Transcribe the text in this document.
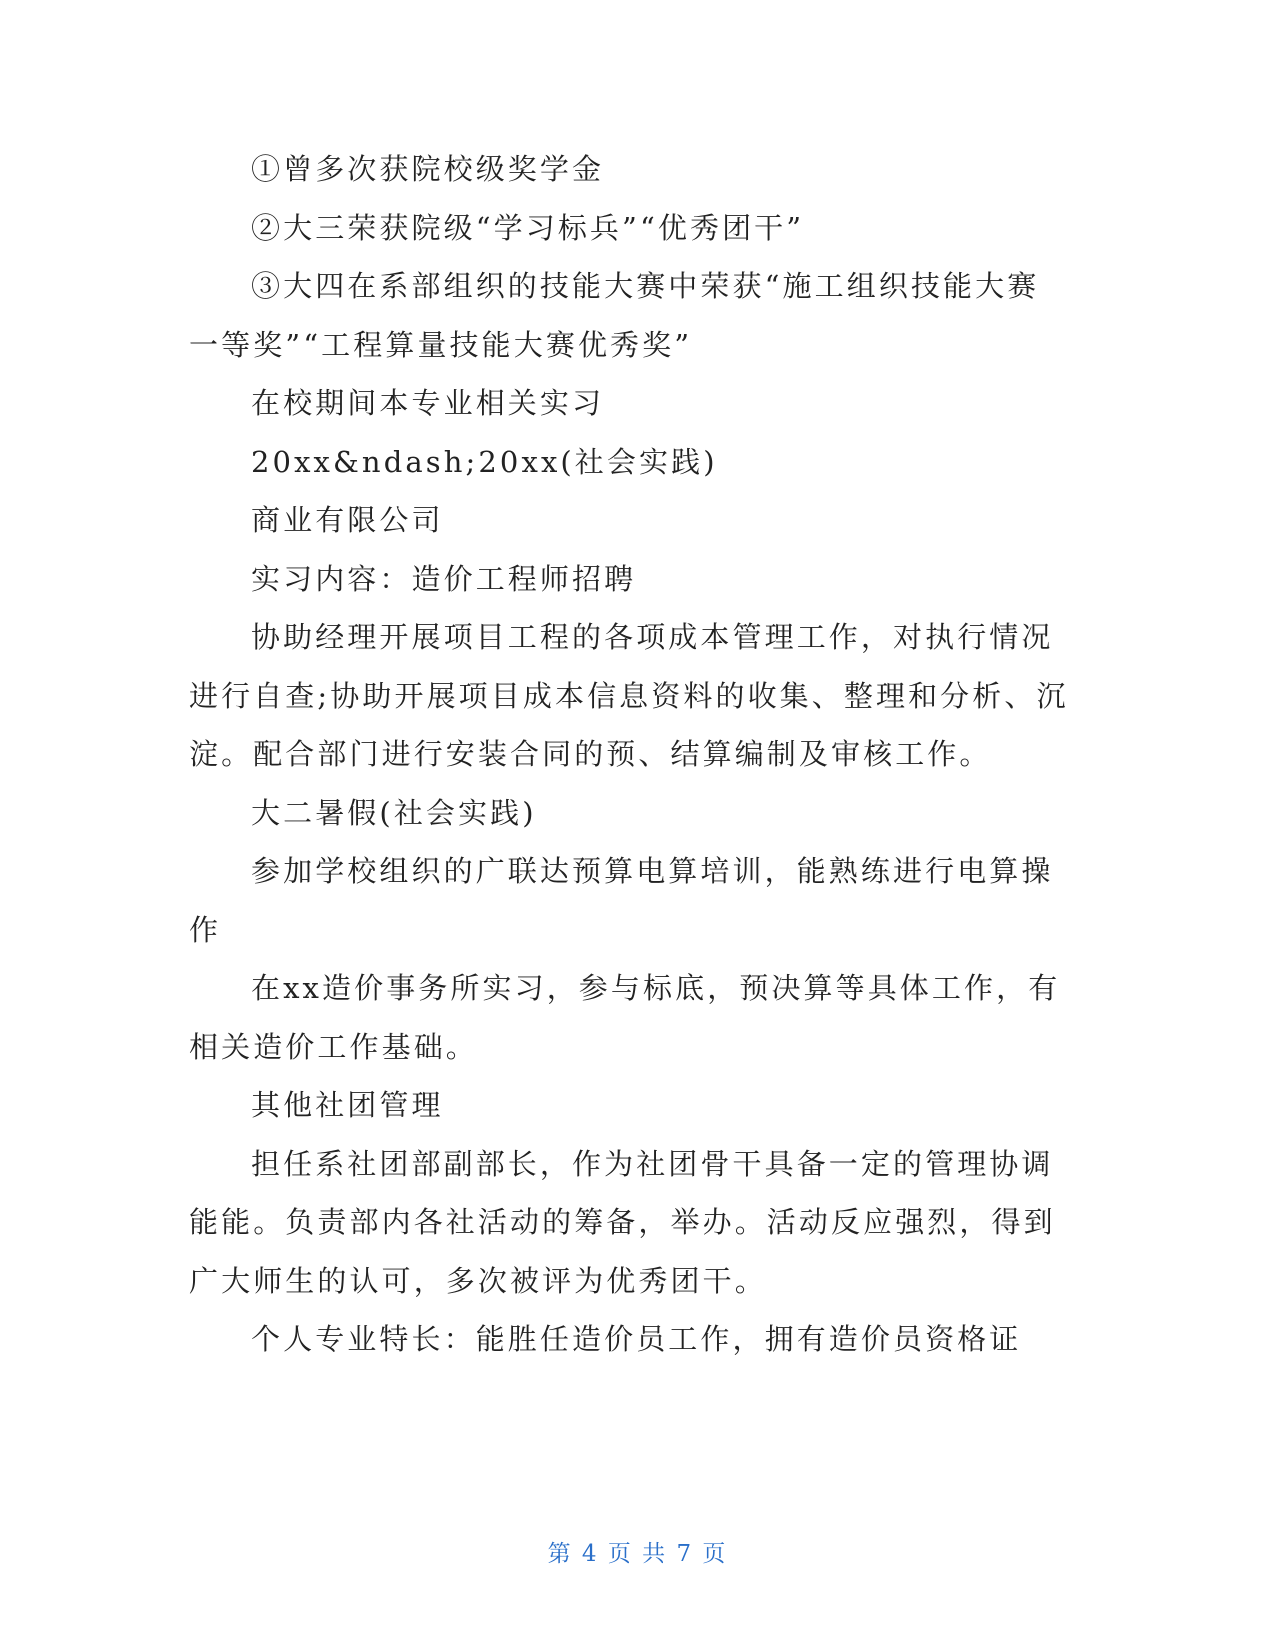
①曾多次获院校级奖学金

②大三荣获院级“学习标兵”“优秀团干”

③大四在系部组织的技能大赛中荣获“施工组织技能大赛一等奖”“工程算量技能大赛优秀奖”

在校期间本专业相关实习

20xx&ndash;20xx(社会实践)

商业有限公司

实习内容：造价工程师招聘

协助经理开展项目工程的各项成本管理工作，对执行情况进行自查;协助开展项目成本信息资料的收集、整理和分析、沉淀。配合部门进行安装合同的预、结算编制及审核工作。

大二暑假(社会实践)

参加学校组织的广联达预算电算培训，能熟练进行电算操作

在xx造价事务所实习，参与标底，预决算等具体工作，有相关造价工作基础。

其他社团管理

担任系社团部副部长，作为社团骨干具备一定的管理协调能能。负责部内各社活动的筹备，举办。活动反应强烈，得到广大师生的认可，多次被评为优秀团干。

个人专业特长：能胜任造价员工作，拥有造价员资格证

第 4 页 共 7 页
